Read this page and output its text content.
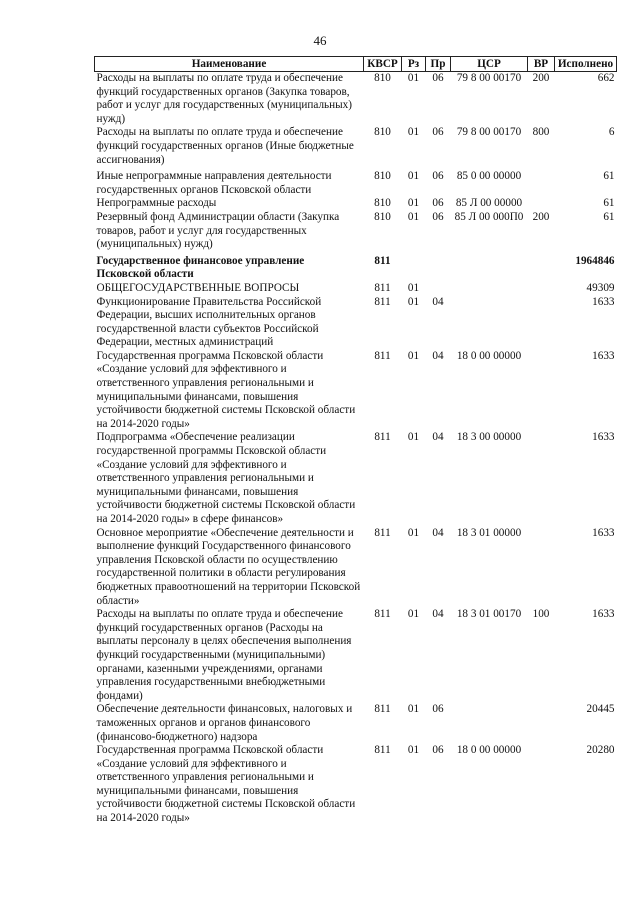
46
Наименование	КВСР	Рз	Пр	ЦСР	ВР	Исполнено
Расходы на выплаты по оплате труда и обеспечение функций государственных органов (Закупка товаров, работ и услуг для государственных (муниципальных) нужд)	810	01	06	79 8 00 00170	200	662
Расходы на выплаты по оплате труда и обеспечение функций государственных органов (Иные бюджетные ассигнования)	810	01	06	79 8 00 00170	800	6
Иные непрограммные направления деятельности государственных органов Псковской области	810	01	06	85 0 00 00000		61
Непрограммные расходы	810	01	06	85 Л 00 00000		61
Резервный фонд Администрации области (Закупка товаров, работ и услуг для государственных (муниципальных) нужд)	810	01	06	85 Л 00 000П0	200	61
Государственное финансовое управление Псковской области	811					1964846
ОБЩЕГОСУДАРСТВЕННЫЕ ВОПРОСЫ	811	01				49309
Функционирование Правительства Российской Федерации, высших исполнительных органов государственной власти субъектов Российской Федерации, местных администраций	811	01	04			1633
Государственная программа Псковской области «Создание условий для эффективного и ответственного управления региональными и муниципальными финансами, повышения устойчивости бюджетной системы Псковской области на 2014-2020 годы»	811	01	04	18 0 00 00000		1633
Подпрограмма «Обеспечение реализации государственной программы Псковской области «Создание условий для эффективного и ответственного управления региональными и муниципальными финансами, повышения устойчивости бюджетной системы Псковской области на 2014-2020 годы» в сфере финансов»	811	01	04	18 3 00 00000		1633
Основное мероприятие «Обеспечение деятельности и выполнение функций Государственного финансового управления Псковской области по осуществлению государственной политики в области регулирования бюджетных правоотношений на территории Псковской области»	811	01	04	18 3 01 00000		1633
Расходы на выплаты по оплате труда и обеспечение функций государственных органов (Расходы на выплаты персоналу в целях обеспечения выполнения функций государственными (муниципальными) органами, казенными учреждениями, органами управления государственными внебюджетными фондами)	811	01	04	18 3 01 00170	100	1633
Обеспечение деятельности финансовых, налоговых и таможенных органов и органов финансового (финансово-бюджетного) надзора	811	01	06			20445
Государственная программа Псковской области «Создание условий для эффективного и ответственного управления региональными и муниципальными финансами, повышения устойчивости бюджетной системы Псковской области на 2014-2020 годы»	811	01	06	18 0 00 00000		20280
